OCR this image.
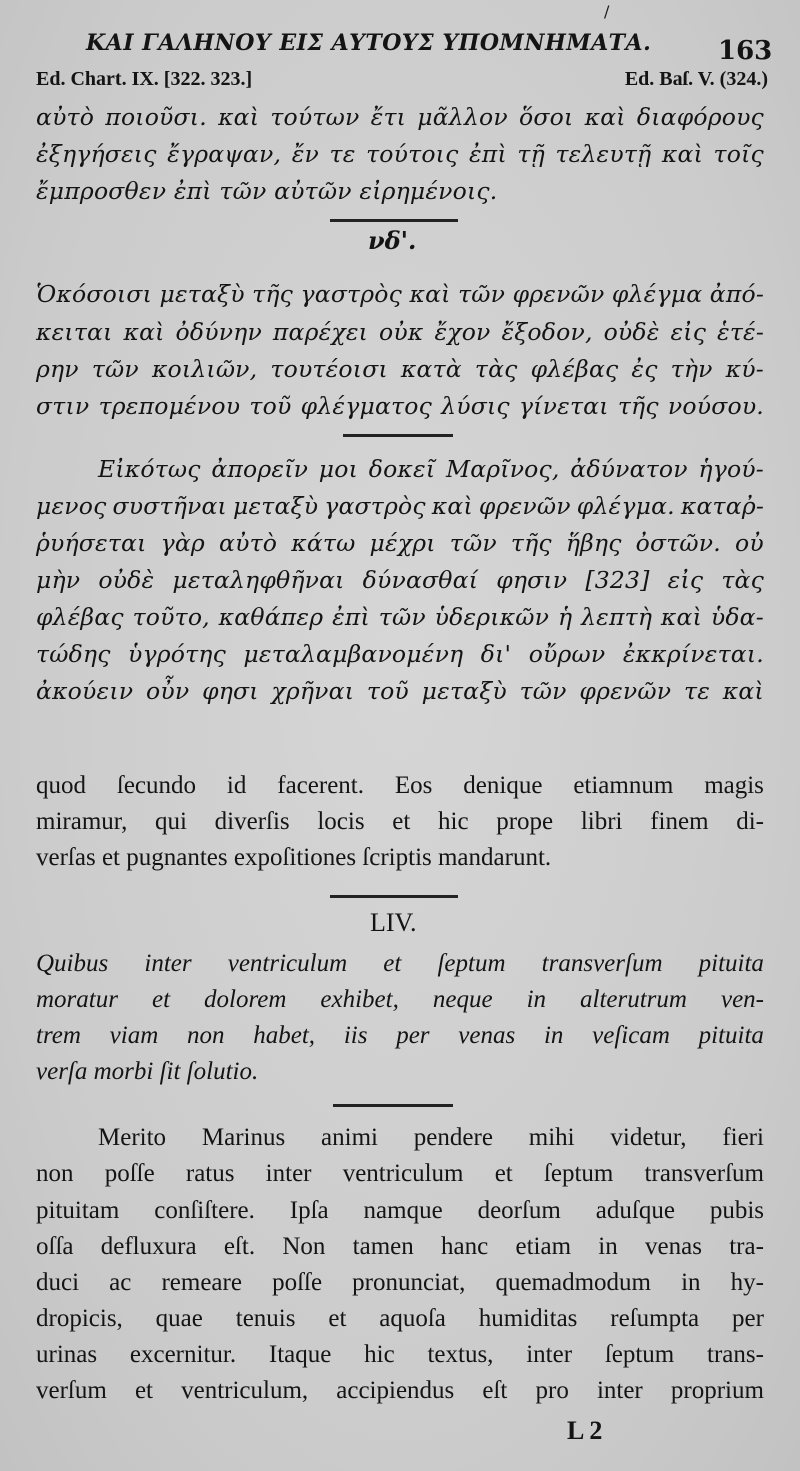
/
ΚΑΙ ΓΑΛΗΝΟΥ ΕΙΣ ΑΥΤΟΥΣ ΥΠΟΜΝΗΜΑΤΑ.	163
Ed. Chart. IX. [322. 323.]	Ed. Baſ. V. (324.)
αὐτὸ ποιοῦσι. καὶ τούτων ἔτι μᾶλλον ὅσοι καὶ διαφόρους
ἐξηγήσεις ἔγραψαν, ἔν τε τούτοις ἐπὶ τῇ τελευτῇ καὶ τοῖς
ἔμπροσθεν ἐπὶ τῶν αὐτῶν εἰρημένοις.
νδ'.
Ὁκόσοισι μεταξὺ τῆς γαστρὸς καὶ τῶν φρενῶν φλέγμα ἀπό-
κειται καὶ ὀδύνην παρέχει οὐκ ἔχον ἔξοδον, οὐδὲ εἰς ἑτέ-
ρην τῶν κοιλιῶν, τουτέοισι κατὰ τὰς φλέβας ἐς τὴν κύ-
στιν τρεπομένου τοῦ φλέγματος λύσις γίνεται τῆς νούσου.
Εἰκότως ἀπορεῖν μοι δοκεῖ Μαρῖνος, ἀδύνατον ἡγού-
μενος συστῆναι μεταξὺ γαστρὸς καὶ φρενῶν φλέγμα. καταῤ-
ῥυήσεται γὰρ αὐτὸ κάτω μέχρι τῶν τῆς ἥβης ὀστῶν. οὐ
μὴν οὐδὲ μεταληφθῆναι δύνασθαί φησιν [323] εἰς τὰς
φλέβας τοῦτο, καθάπερ ἐπὶ τῶν ὑδερικῶν ἡ λεπτὴ καὶ ὑδα-
τώδης ὑγρότης μεταλαμβανομένη δι' οὔρων ἐκκρίνεται.
ἀκούειν οὖν φησι χρῆναι τοῦ μεταξὺ τῶν φρενῶν τε καὶ
quod ſecundo id facerent. Eos denique etiamnum magis
miramur, qui diverſis locis et hic prope libri finem di-
verſas et pugnantes expoſitiones ſcriptis mandarunt.
LIV.
Quibus inter ventriculum et ſeptum transverſum pituita
moratur et dolorem exhibet, neque in alterutrum ven-
trem viam non habet, iis per venas in veſicam pituita
verſa morbi ſit ſolutio.
Merito Marinus animi pendere mihi videtur, fieri
non poſſe ratus inter ventriculum et ſeptum transverſum
pituitam conſiſtere. Ipſa namque deorſum aduſque pubis
oſſa defluxura eſt. Non tamen hanc etiam in venas tra-
duci ac remeare poſſe pronunciat, quemadmodum in hy-
dropicis, quae tenuis et aquoſa humiditas reſumpta per
urinas excernitur. Itaque hic textus, inter ſeptum trans-
verſum et ventriculum, accipiendus eſt pro inter proprium
L 2
